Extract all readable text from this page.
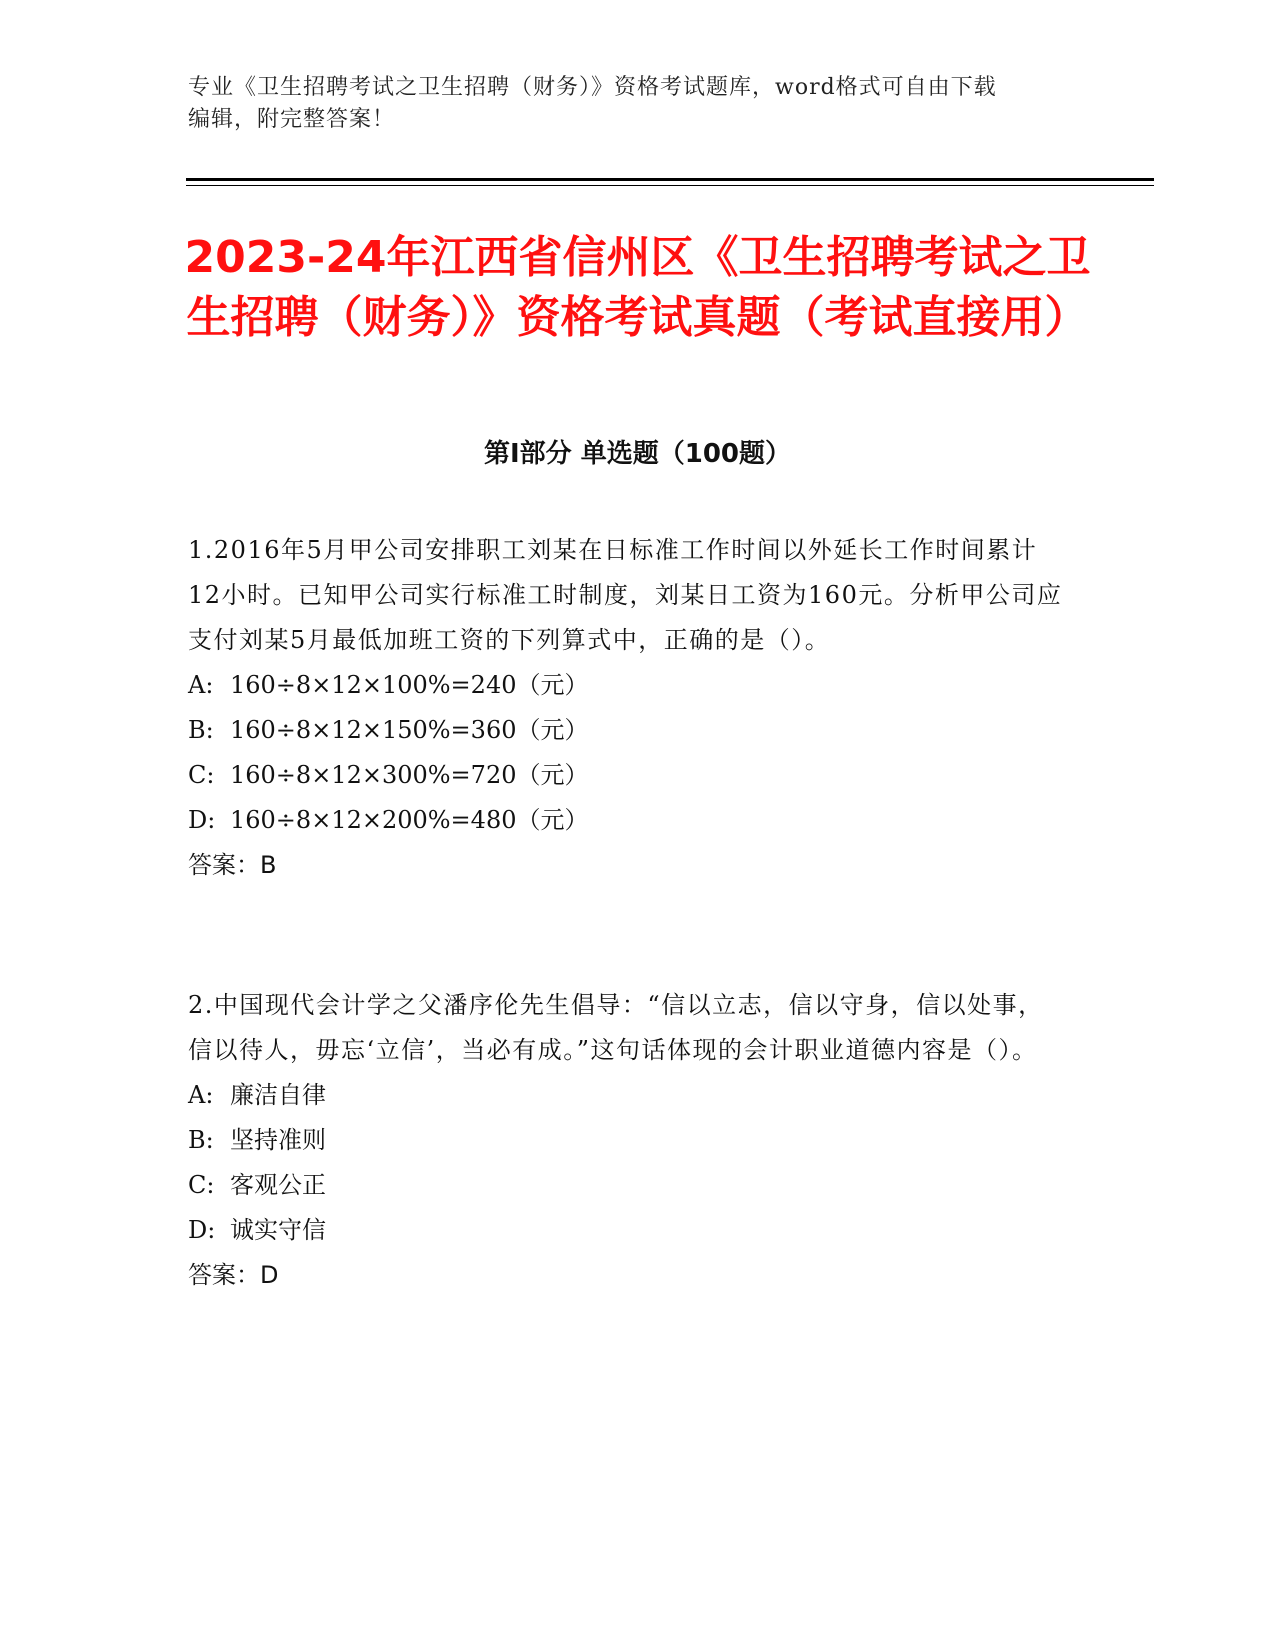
专业《卫生招聘考试之卫生招聘（财务）》资格考试题库，word格式可自由下载

编辑，附完整答案！

2023-24年江西省信州区《卫生招聘考试之卫生招聘（财务）》资格考试真题（考试直接用）
第I部分 单选题（100题）

1.2016年5月甲公司安排职工刘某在日标准工作时间以外延长工作时间累计12小时。已知甲公司实行标准工时制度，刘某日工资为160元。分析甲公司应支付刘某5月最低加班工资的下列算式中，正确的是（）。

A: 160÷8×12×100%=240（元）
B: 160÷8×12×150%=360（元）
C: 160÷8×12×300%=720（元）
D: 160÷8×12×200%=480（元）

答案：B

2.中国现代会计学之父潘序伦先生倡导：“信以立志，信以守身，信以处事，信以待人，毋忘‘立信’，当必有成。”这句话体现的会计职业道德内容是（）。

A: 廉洁自律
B: 坚持准则
C: 客观公正
D: 诚实守信

答案：D
